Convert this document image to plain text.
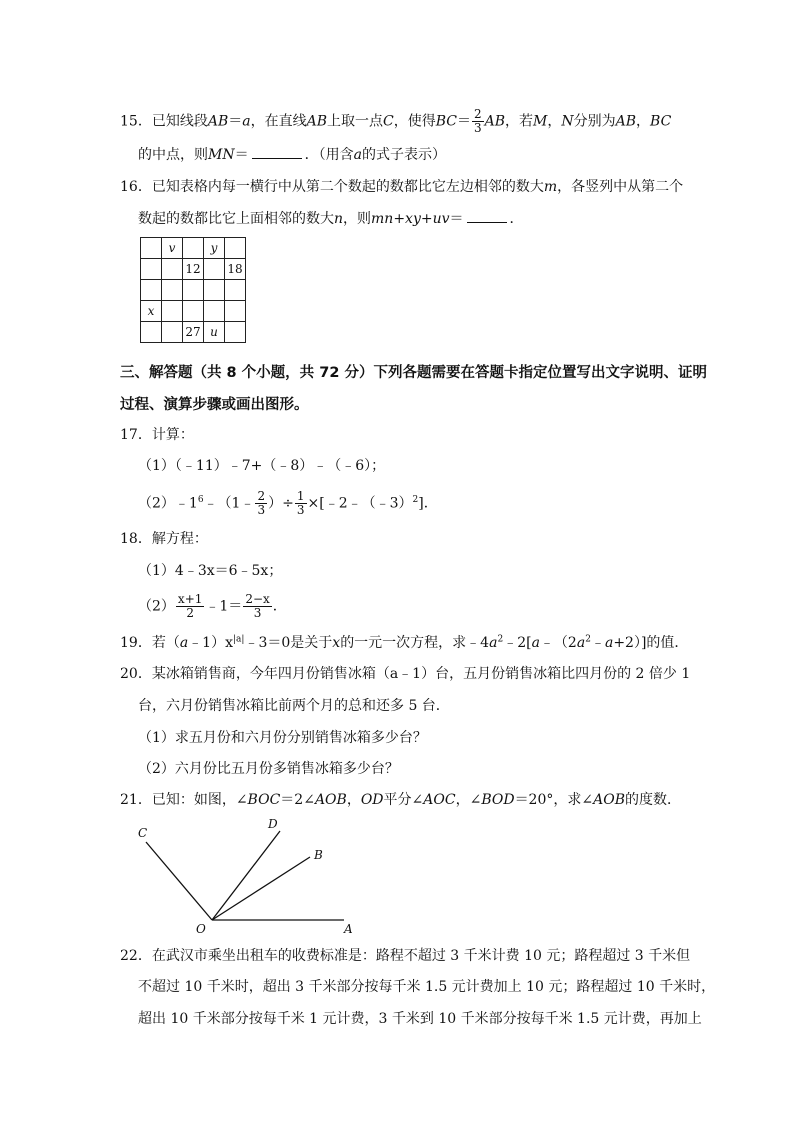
15．已知线段AB＝a，在直线AB上取一点C，使得$BC= \frac{2}{3}$ AB，若M，N分别为AB，BC
的中点，则MN＝	．（用含a的式子表示）
16．已知表格内每一横行中从第二个数起的数都比它左边相邻的数大m，各竖列中从第二个
数起的数都比它上面相邻的数大n，则mn+xy+uv＝	．
	v		y	
		12		18

x				
		27	u	
三、解答题（共 8 个小题，共 72 分）下列各题需要在答题卡指定位置写出文字说明、证明
过程、演算步骤或画出图形。
17．计算：
（1）（﹣11）﹣7+（﹣8）﹣（﹣6）；
$(2)﹣1^6﹣(1﹣ \frac{2}{3}$ ）÷ $\frac{1}{3}$ ×[﹣2﹣（﹣3）$^2$]．
18．解方程：
（1）4﹣3x＝6﹣5x；
$(2) \frac{x+1}{2}$ ﹣1＝ $\frac{2-x}{3}$ ．
19．若$(a﹣1)x^{|a|}﹣3=0$是关于x的一元一次方程，求$﹣4a^2﹣2[a﹣(2a^2﹣a+2)]$的值．
20．某冰箱销售商，今年四月份销售冰箱（a﹣1）台，五月份销售冰箱比四月份的 2 倍少 1
台，六月份销售冰箱比前两个月的总和还多 5 台．
（1）求五月份和六月份分别销售冰箱多少台？
（2）六月份比五月份多销售冰箱多少台？
21．已知：如图，∠BOC＝2∠AOB，OD平分∠AOC，∠BOD＝20°，求∠AOB的度数．
C
D
B
O	A
22．在武汉市乘坐出租车的收费标准是：路程不超过 3 千米计费 10 元；路程超过 3 千米但
不超过 10 千米时，超出 3 千米部分按每千米 1.5 元计费加上 10 元；路程超过 10 千米时，
超出 10 千米部分按每千米 1 元计费，3 千米到 10 千米部分按每千米 1.5 元计费，再加上
